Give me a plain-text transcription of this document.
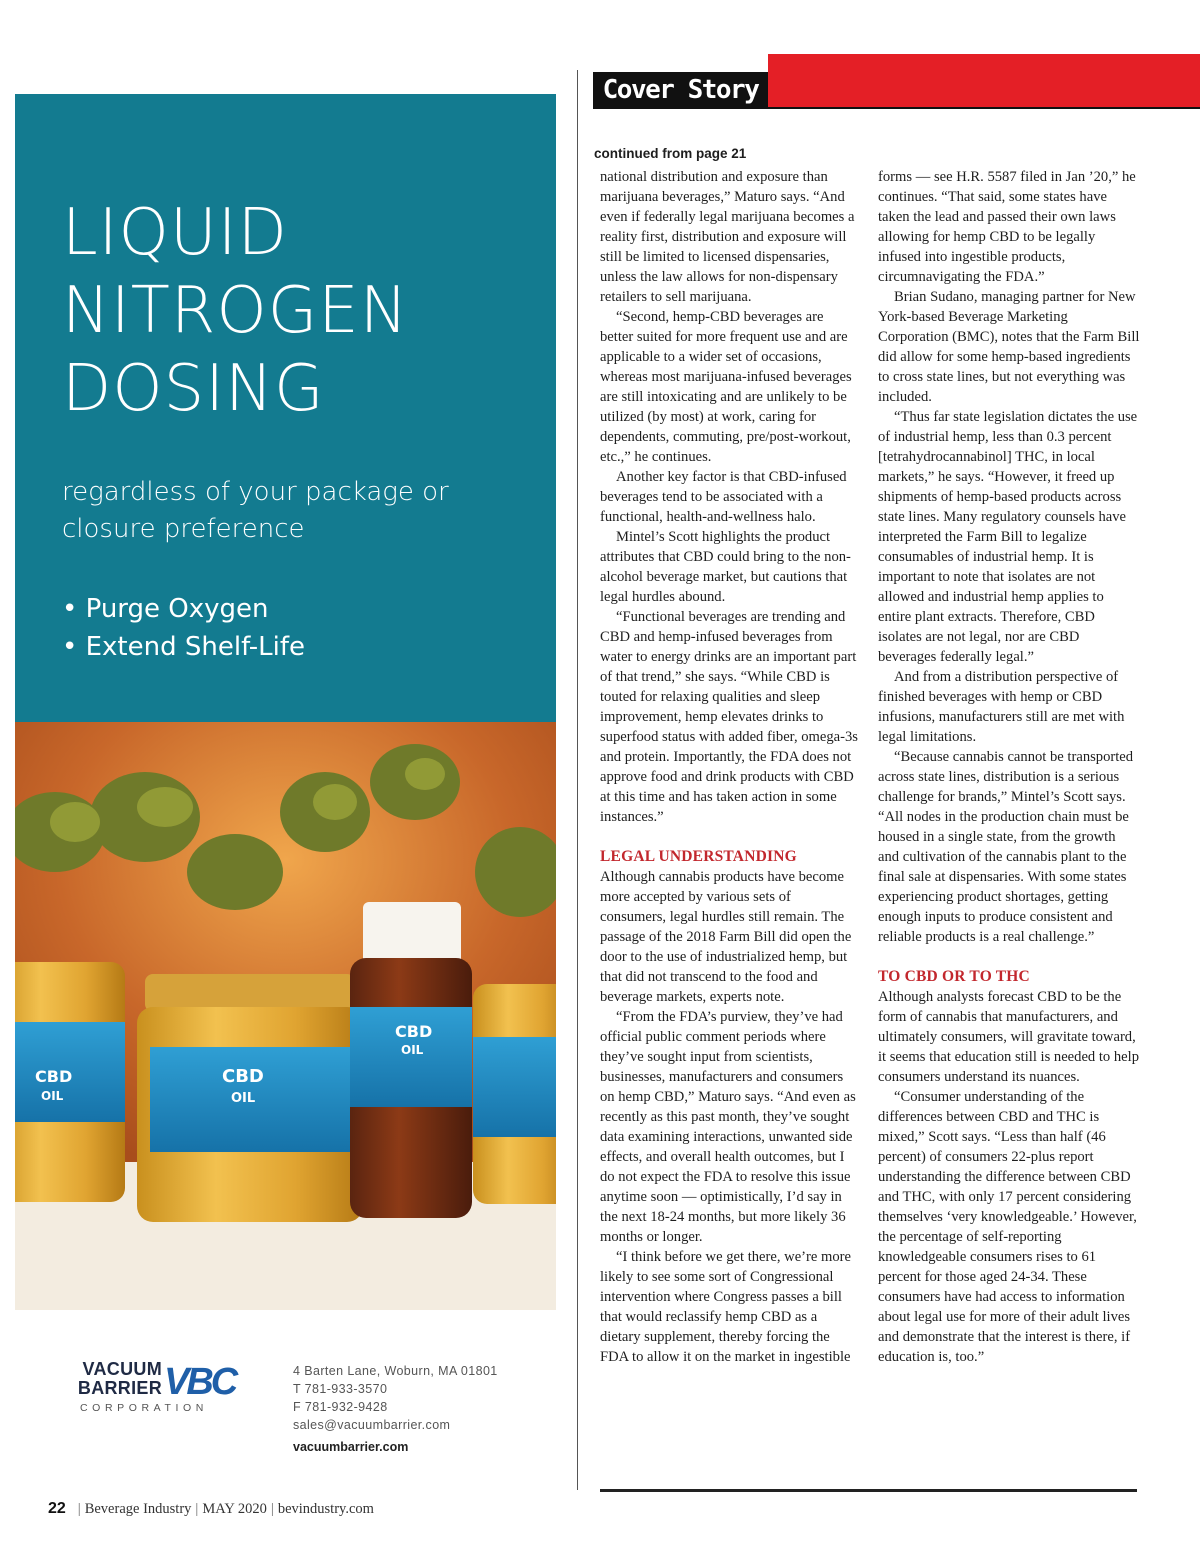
LIQUID
NITROGEN
DOSING
regardless of your package or closure preference
• Purge Oxygen
• Extend Shelf-Life
CBD
OIL
CBD
OIL
CBD
OIL
VACUUM
BARRIER VBC
CORPORATION
4 Barten Lane, Woburn, MA 01801
T 781-933-3570
F 781-932-9428
sales@vacuumbarrier.com
vacuumbarrier.com
Cover Story
continued from page 21

national distribution and exposure than marijuana beverages,” Maturo says. “And even if federally legal marijuana becomes a reality first, distribution and exposure will still be limited to licensed dispensaries, unless the law allows for non-dispensary retailers to sell marijuana.

“Second, hemp-CBD beverages are better suited for more frequent use and are applicable to a wider set of occasions, whereas most marijuana-infused beverages are still intoxicating and are unlikely to be utilized (by most) at work, caring for dependents, commuting, pre/post-workout, etc.,” he continues.

Another key factor is that CBD-infused beverages tend to be associated with a functional, health-and-wellness halo.

Mintel’s Scott highlights the product attributes that CBD could bring to the non-alcohol beverage market, but cautions that legal hurdles abound.

“Functional beverages are trending and CBD and hemp-infused beverages from water to energy drinks are an important part of that trend,” she says. “While CBD is touted for relaxing qualities and sleep improvement, hemp elevates drinks to superfood status with added fiber, omega-3s and protein. Importantly, the FDA does not approve food and drink products with CBD at this time and has taken action in some instances.”

LEGAL UNDERSTANDING

Although cannabis products have become more accepted by various sets of consumers, legal hurdles still remain. The passage of the 2018 Farm Bill did open the door to the use of industrialized hemp, but that did not transcend to the food and beverage markets, experts note.

“From the FDA’s purview, they’ve had official public comment periods where they’ve sought input from scientists, businesses, manufacturers and consumers on hemp CBD,” Maturo says. “And even as recently as this past month, they’ve sought data examining interactions, unwanted side effects, and overall health outcomes, but I do not expect the FDA to resolve this issue anytime soon — optimistically, I’d say in the next 18-24 months, but more likely 36 months or longer.

“I think before we get there, we’re more likely to see some sort of Congressional intervention where Congress passes a bill that would reclassify hemp CBD as a dietary supplement, thereby forcing the FDA to allow it on the market in ingestible

forms — see H.R. 5587 filed in Jan ’20,” he continues. “That said, some states have taken the lead and passed their own laws allowing for hemp CBD to be legally infused into ingestible products, circumnavigating the FDA.”

Brian Sudano, managing partner for New York-based Beverage Marketing Corporation (BMC), notes that the Farm Bill did allow for some hemp-based ingredients to cross state lines, but not everything was included.

“Thus far state legislation dictates the use of industrial hemp, less than 0.3 percent [tetrahydrocannabinol] THC, in local markets,” he says. “However, it freed up shipments of hemp-based products across state lines. Many regulatory counsels have interpreted the Farm Bill to legalize consumables of industrial hemp. It is important to note that isolates are not allowed and industrial hemp applies to entire plant extracts. Therefore, CBD isolates are not legal, nor are CBD beverages federally legal.”

And from a distribution perspective of finished beverages with hemp or CBD infusions, manufacturers still are met with legal limitations.

“Because cannabis cannot be transported across state lines, distribution is a serious challenge for brands,” Mintel’s Scott says. “All nodes in the production chain must be housed in a single state, from the growth and cultivation of the cannabis plant to the final sale at dispensaries. With some states experiencing product shortages, getting enough inputs to produce consistent and reliable products is a real challenge.”

TO CBD OR TO THC

Although analysts forecast CBD to be the form of cannabis that manufacturers, and ultimately consumers, will gravitate toward, it seems that education still is needed to help consumers understand its nuances.

“Consumer understanding of the differences between CBD and THC is mixed,” Scott says. “Less than half (46 percent) of consumers 22-plus report understanding the difference between CBD and THC, with only 17 percent considering themselves ‘very knowledgeable.’ However, the percentage of self-reporting knowledgeable consumers rises to 61 percent for those aged 24-34. These consumers have had access to information about legal use for more of their adult lives and demonstrate that the interest is there, if education is, too.”

22 | Beverage Industry | MAY 2020 | bevindustry.com
